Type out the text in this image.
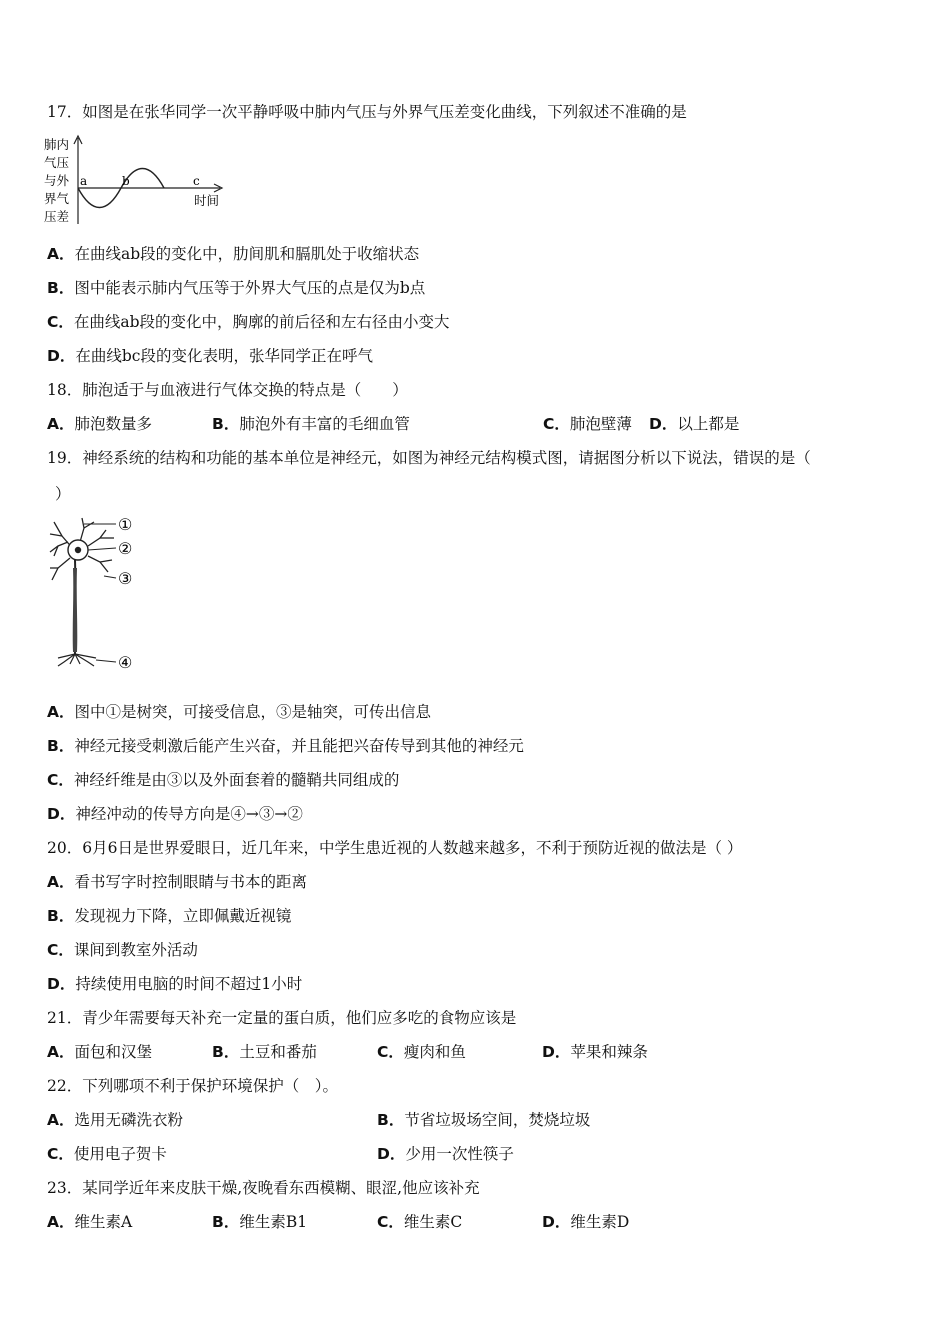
17．如图是在张华同学一次平静呼吸中肺内气压与外界气压差变化曲线，下列叙述不准确的是

肺内
气压
与外
界气
压差
a	b	c
时间

A．在曲线ab段的变化中，肋间肌和膈肌处于收缩状态

B．图中能表示肺内气压等于外界大气压的点是仅为b点

C．在曲线ab段的变化中，胸廓的前后径和左右径由小变大

D．在曲线bc段的变化表明，张华同学正在呼气

18．肺泡适于与血液进行气体交换的特点是（　　）

A．肺泡数量多	B．肺泡外有丰富的毛细血管	C．肺泡壁薄 D．以上都是

19．神经系统的结构和功能的基本单位是神经元，如图为神经元结构模式图，请据图分析以下说法，错误的是（

）

①
②
③
④

A．图中①是树突，可接受信息，③是轴突，可传出信息

B．神经元接受刺激后能产生兴奋，并且能把兴奋传导到其他的神经元

C．神经纤维是由③以及外面套着的髓鞘共同组成的

D．神经冲动的传导方向是④→③→②

20．6月6日是世界爱眼日，近几年来，中学生患近视的人数越来越多，不利于预防近视的做法是（ ）

A．看书写字时控制眼睛与书本的距离

B．发现视力下降，立即佩戴近视镜

C．课间到教室外活动

D．持续使用电脑的时间不超过1小时

21．青少年需要每天补充一定量的蛋白质，他们应多吃的食物应该是

A．面包和汉堡	B．土豆和番茄	C．瘦肉和鱼	D．苹果和辣条

22．下列哪项不利于保护环境保护（　）。

A．选用无磷洗衣粉	B．节省垃圾场空间，焚烧垃圾
C．使用电子贺卡	D．少用一次性筷子

23．某同学近年来皮肤干燥,夜晚看东西模糊、眼涩,他应该补充

A．维生素A	B．维生素B1	C．维生素C	D．维生素D
